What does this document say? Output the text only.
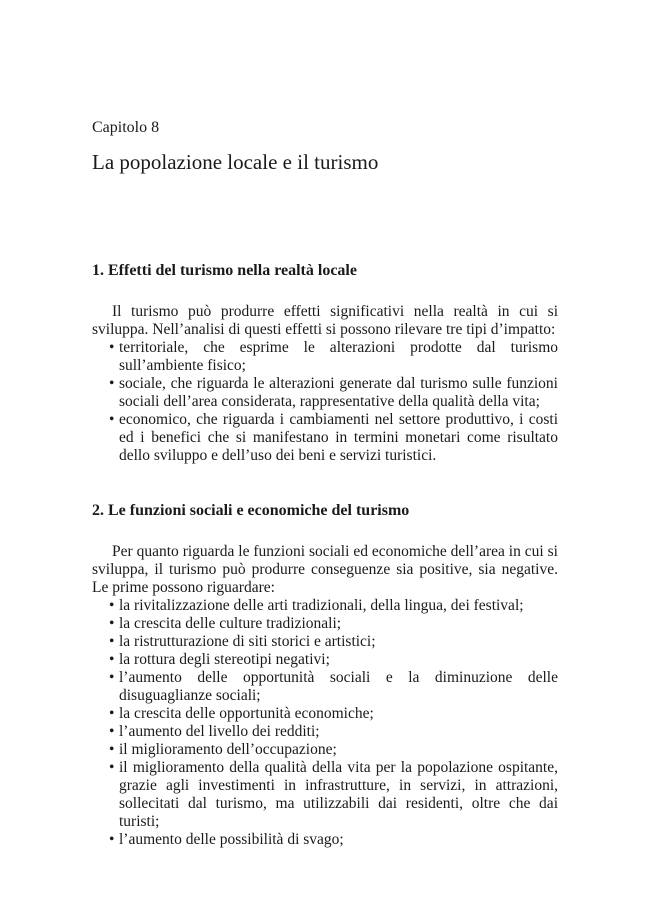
Capitolo 8
La popolazione locale e il turismo
1. Effetti del turismo nella realtà locale

Il turismo può produrre effetti significativi nella realtà in cui si sviluppa. Nell’analisi di questi effetti si possono rilevare tre tipi d’impatto:

• territoriale, che esprime le alterazioni prodotte dal turismo sull’ambiente fisico;
• sociale, che riguarda le alterazioni generate dal turismo sulle funzioni sociali dell’area considerata, rappresentative della qualità della vita;
• economico, che riguarda i cambiamenti nel settore produttivo, i costi ed i benefici che si manifestano in termini monetari come risultato dello sviluppo e dell’uso dei beni e servizi turistici.
2. Le funzioni sociali e economiche del turismo

Per quanto riguarda le funzioni sociali ed economiche dell’area in cui si sviluppa, il turismo può produrre conseguenze sia positive, sia negative. Le prime possono riguardare:

• la rivitalizzazione delle arti tradizionali, della lingua, dei festival;
• la crescita delle culture tradizionali;
• la ristrutturazione di siti storici e artistici;
• la rottura degli stereotipi negativi;
• l’aumento delle opportunità sociali e la diminuzione delle disuguaglianze sociali;
• la crescita delle opportunità economiche;
• l’aumento del livello dei redditi;
• il miglioramento dell’occupazione;
• il miglioramento della qualità della vita per la popolazione ospitante, grazie agli investimenti in infrastrutture, in servizi, in attrazioni, sollecitati dal turismo, ma utilizzabili dai residenti, oltre che dai turisti;
• l’aumento delle possibilità di svago;
